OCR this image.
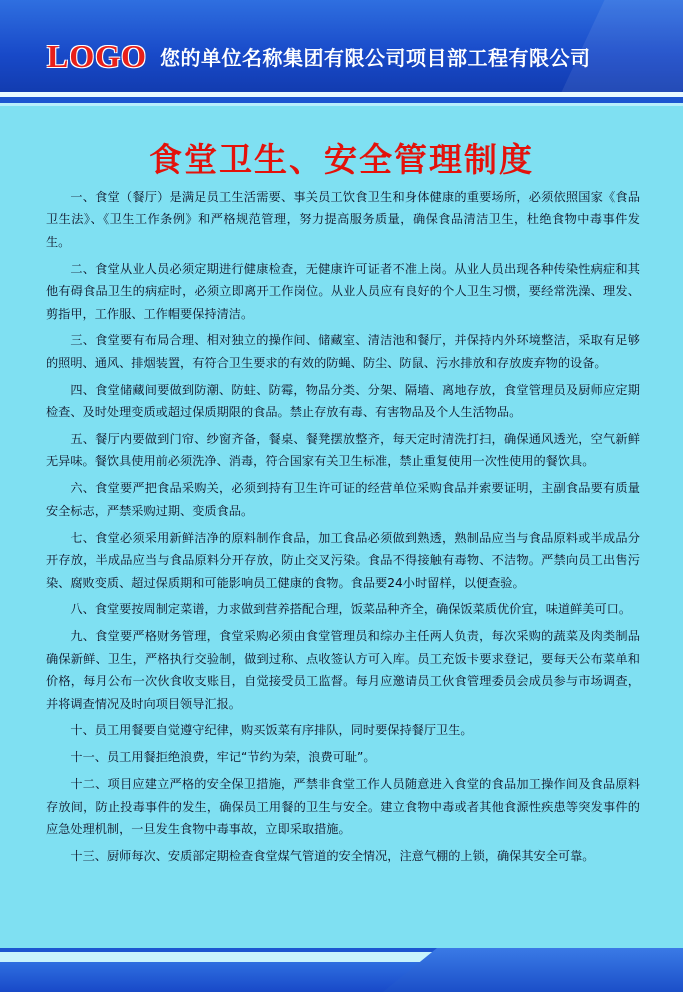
LOGO 您的单位名称集团有限公司项目部工程有限公司
食堂卫生、安全管理制度

一、食堂（餐厅）是满足员工生活需要、事关员工饮食卫生和身体健康的重要场所，必须依照国家《食品卫生法》、《卫生工作条例》和严格规范管理，努力提高服务质量，确保食品清洁卫生，杜绝食物中毒事件发生。

二、食堂从业人员必须定期进行健康检查，无健康许可证者不准上岗。从业人员出现各种传染性病症和其他有碍食品卫生的病症时，必须立即离开工作岗位。从业人员应有良好的个人卫生习惯，要经常洗澡、理发、剪指甲，工作服、工作帽要保持清洁。

三、食堂要有布局合理、相对独立的操作间、储藏室、清洁池和餐厅，并保持内外环境整洁，采取有足够的照明、通风、排烟装置，有符合卫生要求的有效的防蝇、防尘、防鼠、污水排放和存放废弃物的设备。

四、食堂储藏间要做到防潮、防蛀、防霉，物品分类、分架、隔墙、离地存放，食堂管理员及厨师应定期检查、及时处理变质或超过保质期限的食品。禁止存放有毒、有害物品及个人生活物品。

五、餐厅内要做到门帘、纱窗齐备，餐桌、餐凳摆放整齐，每天定时清洗打扫，确保通风透光，空气新鲜无异味。餐饮具使用前必须洗净、消毒，符合国家有关卫生标准，禁止重复使用一次性使用的餐饮具。

六、食堂要严把食品采购关，必须到持有卫生许可证的经营单位采购食品并索要证明，主副食品要有质量安全标志，严禁采购过期、变质食品。

七、食堂必须采用新鲜洁净的原料制作食品，加工食品必须做到熟透，熟制品应当与食品原料或半成品分开存放，半成品应当与食品原料分开存放，防止交叉污染。食品不得接触有毒物、不洁物。严禁向员工出售污染、腐败变质、超过保质期和可能影响员工健康的食物。食品要24小时留样，以便查验。

八、食堂要按周制定菜谱，力求做到营养搭配合理，饭菜品种齐全，确保饭菜质优价宜，味道鲜美可口。

九、食堂要严格财务管理，食堂采购必须由食堂管理员和综办主任两人负责，每次采购的蔬菜及肉类制品确保新鲜、卫生，严格执行交验制，做到过称、点收签认方可入库。员工充饭卡要求登记，要每天公布菜单和价格，每月公布一次伙食收支账目，自觉接受员工监督。每月应邀请员工伙食管理委员会成员参与市场调查，并将调查情况及时向项目领导汇报。

十、员工用餐要自觉遵守纪律，购买饭菜有序排队，同时要保持餐厅卫生。

十一、员工用餐拒绝浪费，牢记“节约为荣，浪费可耻”。

十二、项目应建立严格的安全保卫措施，严禁非食堂工作人员随意进入食堂的食品加工操作间及食品原料存放间，防止投毒事件的发生，确保员工用餐的卫生与安全。建立食物中毒或者其他食源性疾患等突发事件的应急处理机制，一旦发生食物中毒事故，立即采取措施。

十三、厨师每次、安质部定期检查食堂煤气管道的安全情况，注意气棚的上锁，确保其安全可靠。
